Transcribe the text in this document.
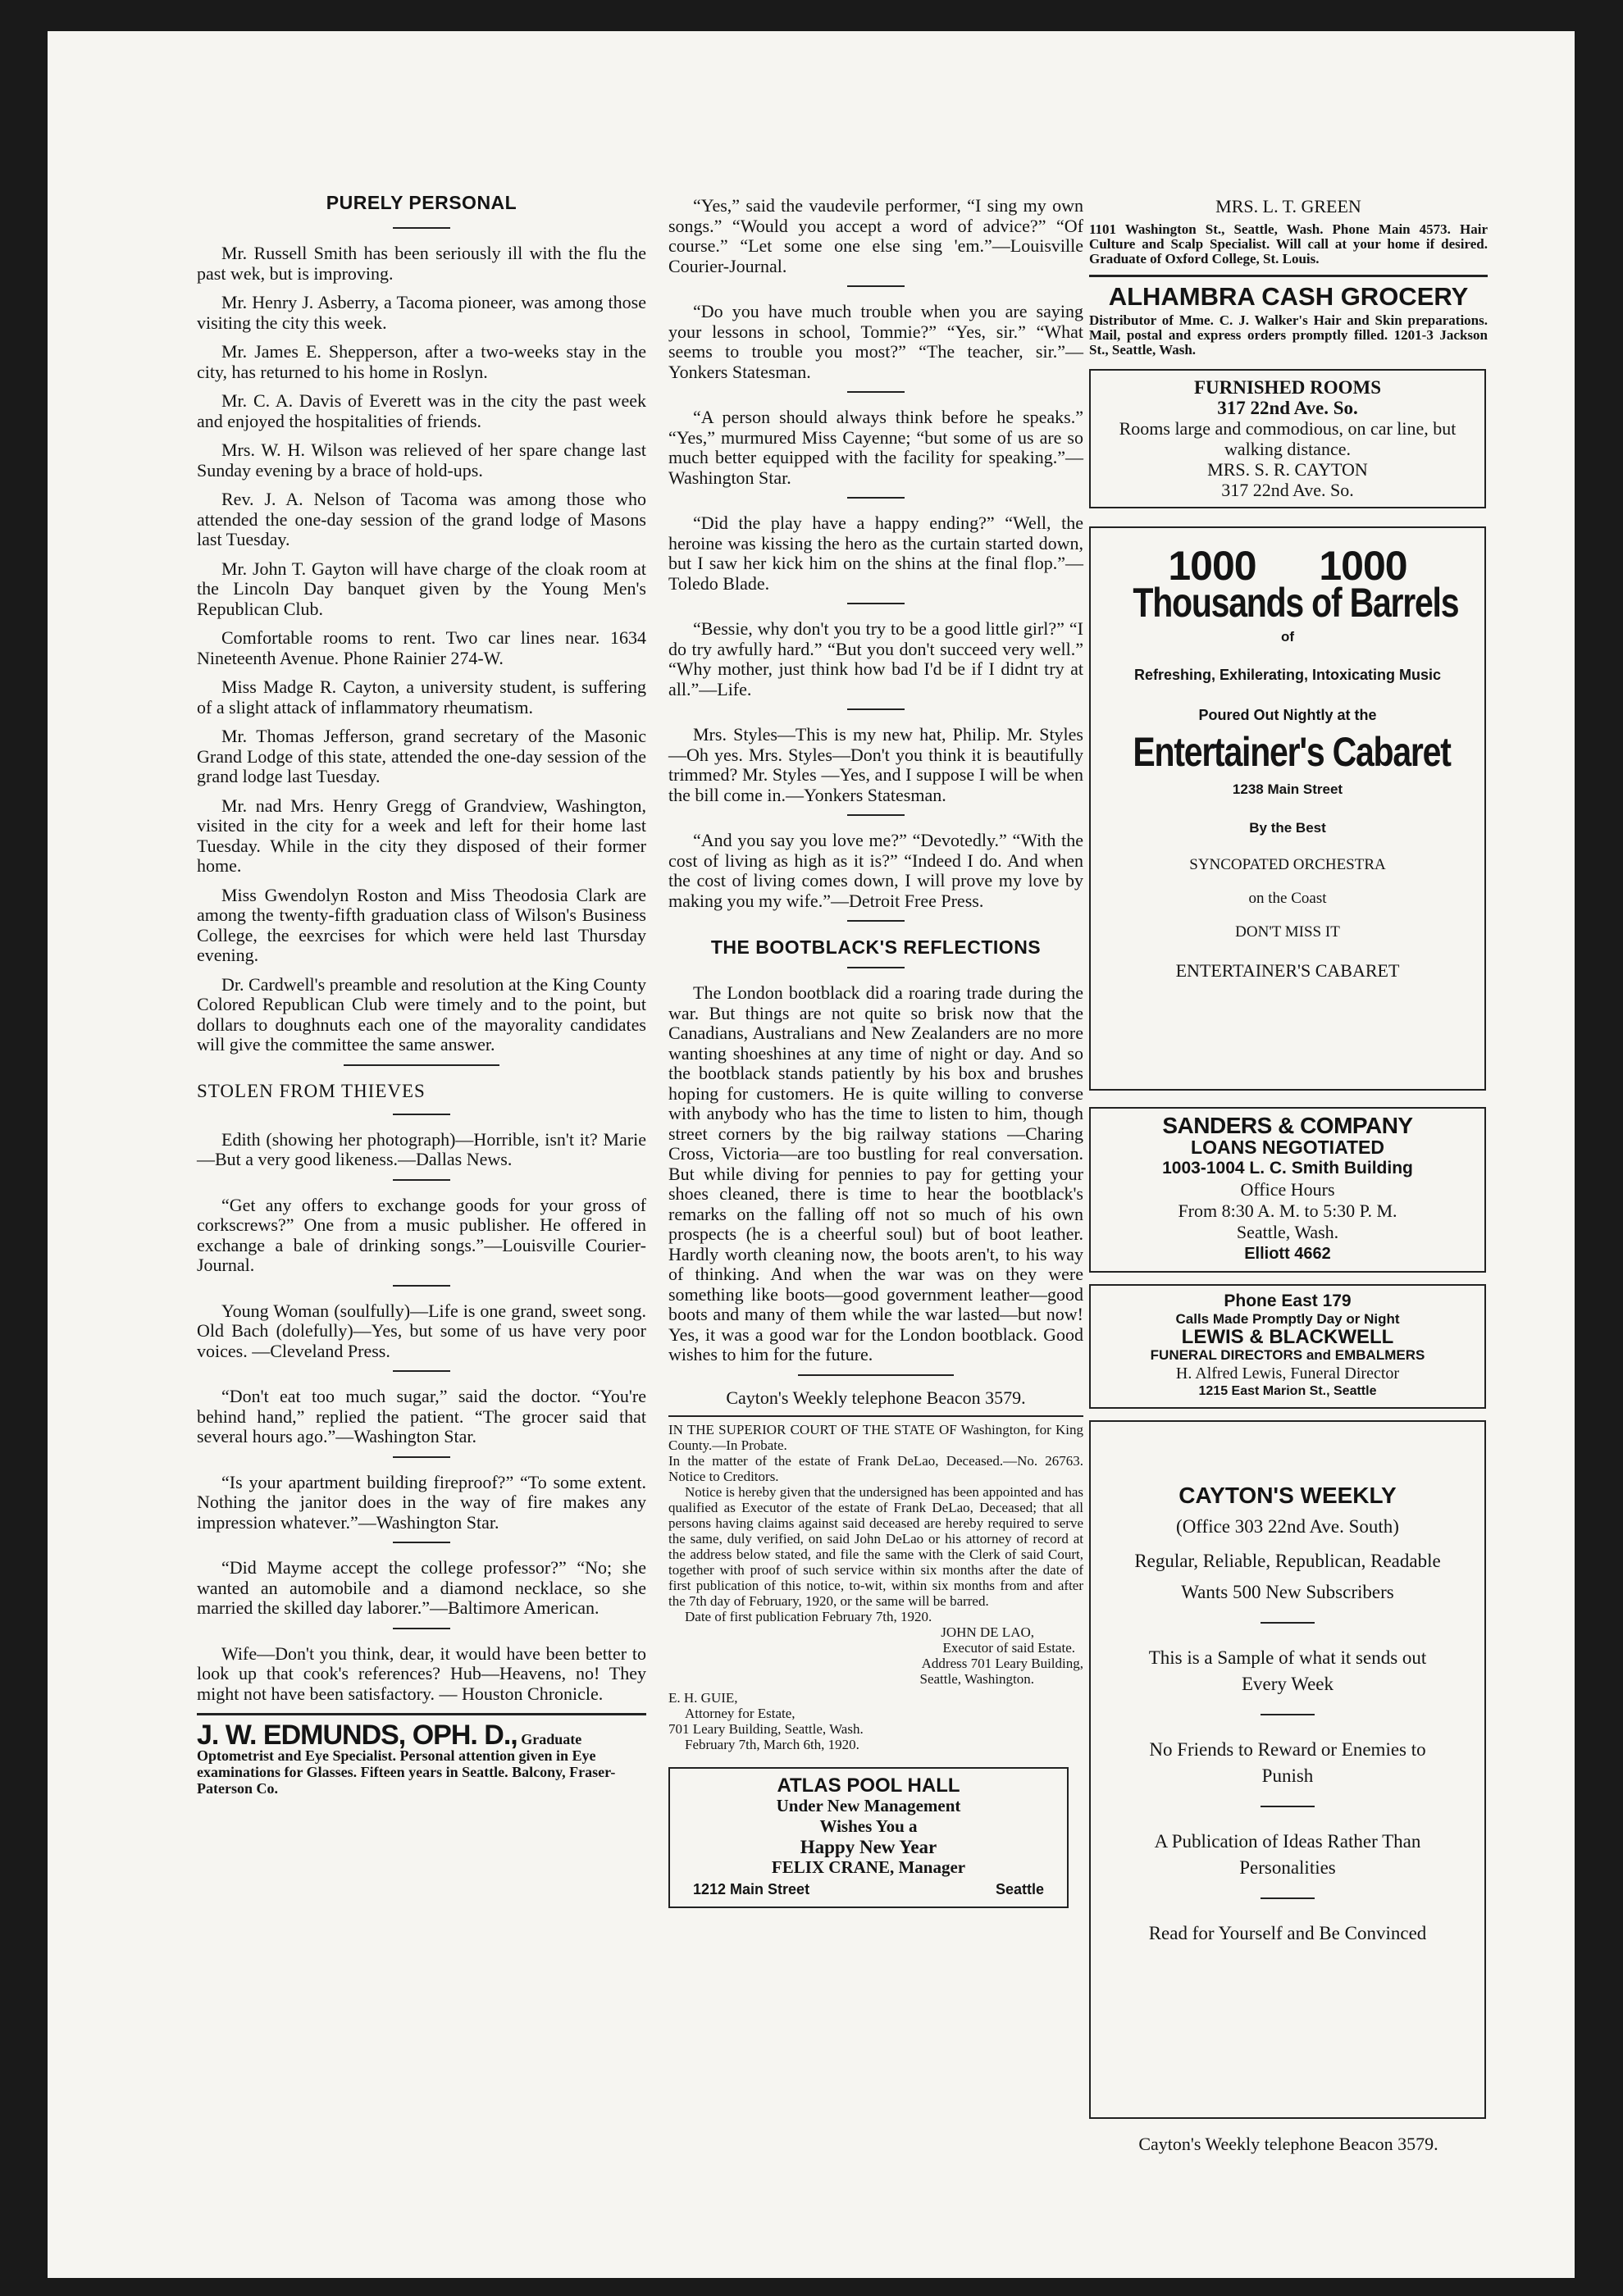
PURELY PERSONAL

Mr. Russell Smith has been seriously ill with the flu the past wek, but is improving.

Mr. Henry J. Asberry, a Tacoma pioneer, was among those visiting the city this week.

Mr. James E. Shepperson, after a two-weeks stay in the city, has returned to his home in Roslyn.

Mr. C. A. Davis of Everett was in the city the past week and enjoyed the hospitalities of friends.

Mrs. W. H. Wilson was relieved of her spare change last Sunday evening by a brace of hold-ups.

Rev. J. A. Nelson of Tacoma was among those who attended the one-day session of the grand lodge of Masons last Tuesday.

Mr. John T. Gayton will have charge of the cloak room at the Lincoln Day banquet given by the Young Men's Republican Club.

Comfortable rooms to rent. Two car lines near. 1634 Nineteenth Avenue. Phone Rainier 274-W.

Miss Madge R. Cayton, a university student, is suffering of a slight attack of inflammatory rheumatism.

Mr. Thomas Jefferson, grand secretary of the Masonic Grand Lodge of this state, attended the one-day session of the grand lodge last Tuesday.

Mr. nad Mrs. Henry Gregg of Grandview, Washington, visited in the city for a week and left for their home last Tuesday. While in the city they disposed of their former home.

Miss Gwendolyn Roston and Miss Theodosia Clark are among the twenty-fifth graduation class of Wilson's Business College, the eexrcises for which were held last Thursday evening.

Dr. Cardwell's preamble and resolution at the King County Colored Republican Club were timely and to the point, but dollars to doughnuts each one of the mayorality candidates will give the committee the same answer.

STOLEN FROM THIEVES

Edith (showing her photograph)—Horrible, isn't it? Marie—But a very good likeness.—Dallas News.

“Get any offers to exchange goods for your gross of corkscrews?” One from a music publisher. He offered in exchange a bale of drinking songs.”—Louisville Courier-Journal.

Young Woman (soulfully)—Life is one grand, sweet song. Old Bach (dolefully)—Yes, but some of us have very poor voices. —Cleveland Press.

“Don't eat too much sugar,” said the doctor. “You're behind hand,” replied the patient. “The grocer said that several hours ago.”—Washington Star.

“Is your apartment building fireproof?” “To some extent. Nothing the janitor does in the way of fire makes any impression whatever.”—Washington Star.

“Did Mayme accept the college professor?” “No; she wanted an automobile and a diamond necklace, so she married the skilled day laborer.”—Baltimore American.

Wife—Don't you think, dear, it would have been better to look up that cook's references? Hub—Heavens, no! They might not have been satisfactory. — Houston Chronicle.

J. W. EDMUNDS, OPH. D., Graduate Optometrist and Eye Specialist. Personal attention given in Eye examinations for Glasses. Fifteen years in Seattle. Balcony, Fraser-Paterson Co.

“Yes,” said the vaudevile performer, “I sing my own songs.” “Would you accept a word of advice?” “Of course.” “Let some one else sing 'em.”—Louisville Courier-Journal.

“Do you have much trouble when you are saying your lessons in school, Tommie?” “Yes, sir.” “What seems to trouble you most?” “The teacher, sir.”—Yonkers Statesman.

“A person should always think before he speaks.” “Yes,” murmured Miss Cayenne; “but some of us are so much better equipped with the facility for speaking.”—Washington Star.

“Did the play have a happy ending?” “Well, the heroine was kissing the hero as the curtain started down, but I saw her kick him on the shins at the final flop.”—Toledo Blade.

“Bessie, why don't you try to be a good little girl?” “I do try awfully hard.” “But you don't succeed very well.” “Why mother, just think how bad I'd be if I didnt try at all.”—Life.

Mrs. Styles—This is my new hat, Philip. Mr. Styles—Oh yes. Mrs. Styles—Don't you think it is beautifully trimmed? Mr. Styles —Yes, and I suppose I will be when the bill come in.—Yonkers Statesman.

“And you say you love me?” “Devotedly.” “With the cost of living as high as it is?” “Indeed I do. And when the cost of living comes down, I will prove my love by making you my wife.”—Detroit Free Press.

THE BOOTBLACK'S REFLECTIONS

The London bootblack did a roaring trade during the war. But things are not quite so brisk now that the Canadians, Australians and New Zealanders are no more wanting shoeshines at any time of night or day. And so the bootblack stands patiently by his box and brushes hoping for customers. He is quite willing to converse with anybody who has the time to listen to him, though street corners by the big railway stations —Charing Cross, Victoria—are too bustling for real conversation. But while diving for pennies to pay for getting your shoes cleaned, there is time to hear the bootblack's remarks on the falling off not so much of his own prospects (he is a cheerful soul) but of boot leather. Hardly worth cleaning now, the boots aren't, to his way of thinking. And when the war was on they were something like boots—good government leather—good boots and many of them while the war lasted—but now! Yes, it was a good war for the London bootblack. Good wishes to him for the future.

Cayton's Weekly telephone Beacon 3579.

IN THE SUPERIOR COURT OF THE STATE OF Washington, for King County.—In Probate.

In the matter of the estate of Frank DeLao, Deceased.—No. 26763. Notice to Creditors.

Notice is hereby given that the undersigned has been appointed and has qualified as Executor of the estate of Frank DeLao, Deceased; that all persons having claims against said deceased are hereby required to serve the same, duly verified, on said John DeLao or his attorney of record at the address below stated, and file the same with the Clerk of said Court, together with proof of such service within six months after the date of first publication of this notice, to-wit, within six months from and after the 7th day of February, 1920, or the same will be barred.

Date of first publication February 7th, 1920.

JOHN DE LAO,

Executor of said Estate.

Address 701 Leary Building,

Seattle, Washington.

E. H. GUIE,

Attorney for Estate,

701 Leary Building, Seattle, Wash.

February 7th, March 6th, 1920.

ATLAS POOL HALL
Under New Management
Wishes You a
Happy New Year
FELIX CRANE, Manager
1212 Main Street	Seattle
MRS. L. T. GREEN
1101 Washington St., Seattle, Wash. Phone Main 4573. Hair Culture and Scalp Specialist. Will call at your home if desired. Graduate of Oxford College, St. Louis.
ALHAMBRA CASH GROCERY
Distributor of Mme. C. J. Walker's Hair and Skin preparations. Mail, postal and express orders promptly filled. 1201-3 Jackson St., Seattle, Wash.
FURNISHED ROOMS
317 22nd Ave. So.
Rooms large and commodious, on car line, but walking distance.
MRS. S. R. CAYTON
317 22nd Ave. So.
1000 1000
Thousands of Barrels
of
Refreshing, Exhilerating, Intoxicating Music
Poured Out Nightly at the
Entertainer's Cabaret
1238 Main Street
By the Best
SYNCOPATED ORCHESTRA
on the Coast
DON'T MISS IT
ENTERTAINER'S CABARET
SANDERS & COMPANY
LOANS NEGOTIATED
1003-1004 L. C. Smith Building
Office Hours
From 8:30 A. M. to 5:30 P. M.
Seattle, Wash.
Elliott 4662
Phone East 179
Calls Made Promptly Day or Night
LEWIS & BLACKWELL
FUNERAL DIRECTORS and EMBALMERS
H. Alfred Lewis, Funeral Director
1215 East Marion St., Seattle

CAYTON'S WEEKLY

(Office 303 22nd Ave. South)

Regular, Reliable, Republican, Readable

Wants 500 New Subscribers

This is a Sample of what it sends out

Every Week

No Friends to Reward or Enemies to

Punish

A Publication of Ideas Rather Than

Personalities

Read for Yourself and Be Convinced

Cayton's Weekly telephone Beacon 3579.
